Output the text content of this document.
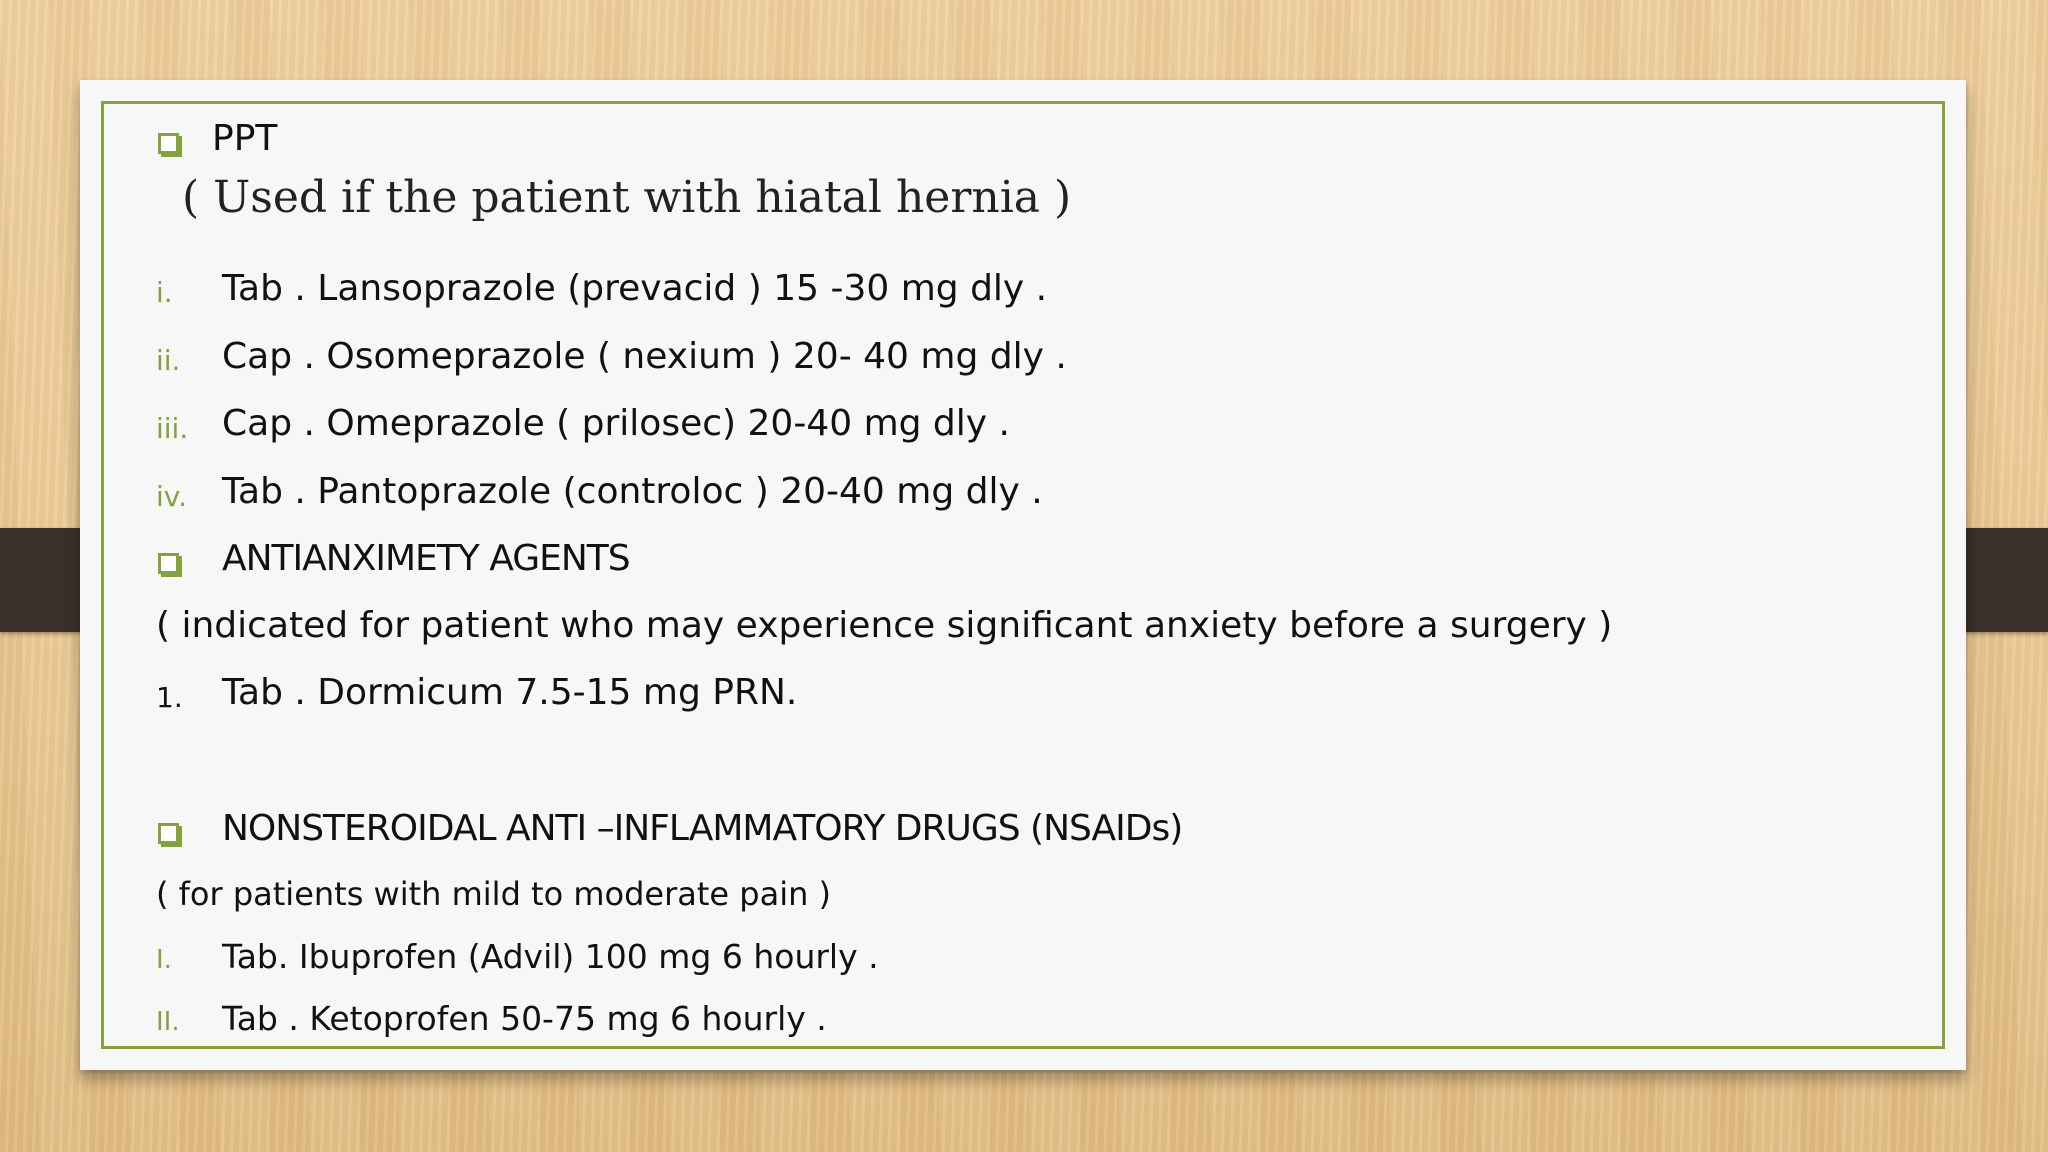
PPT
( Used if the patient with hiatal hernia )
i. Tab . Lansoprazole (prevacid ) 15 -30 mg dly .
ii. Cap . Osomeprazole ( nexium ) 20- 40 mg dly .
iii. Cap . Omeprazole ( prilosec) 20-40 mg dly .
iv. Tab . Pantoprazole (controloc ) 20-40 mg dly .
ANTIANXIMETY AGENTS
( indicated for patient who may experience significant anxiety before a surgery )
1. Tab . Dormicum 7.5-15 mg PRN.
NONSTEROIDAL ANTI –INFLAMMATORY DRUGS (NSAIDs)
( for patients with mild to moderate pain )
I. Tab. Ibuprofen (Advil) 100 mg 6 hourly .
II. Tab . Ketoprofen 50-75 mg 6 hourly .
